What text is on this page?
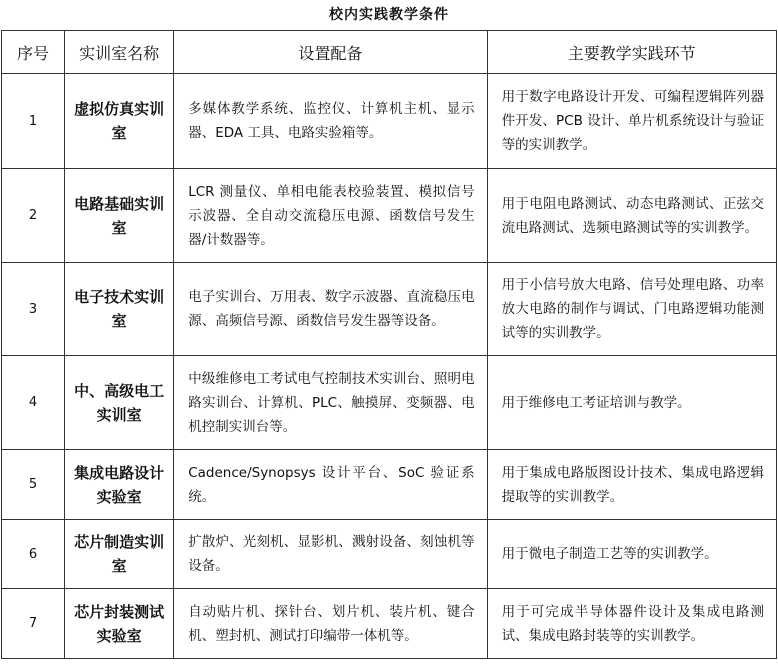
校内实践教学条件
序号	实训室名称	设置配备	主要教学实践环节
1	虚拟仿真实训室	多媒体教学系统、监控仪、计算机主机、显示器、EDA 工具、电路实验箱等。	用于数字电路设计开发、可编程逻辑阵列器件开发、PCB 设计、单片机系统设计与验证等的实训教学。
2	电路基础实训室	LCR 测量仪、单相电能表校验装置、模拟信号示波器、全自动交流稳压电源、函数信号发生器/计数器等。	用于电阻电路测试、动态电路测试、正弦交流电路测试、选频电路测试等的实训教学。
3	电子技术实训室	电子实训台、万用表、数字示波器、直流稳压电源、高频信号源、函数信号发生器等设备。	用于小信号放大电路、信号处理电路、功率放大电路的制作与调试、门电路逻辑功能测试等的实训教学。
4	中、高级电工实训室	中级维修电工考试电气控制技术实训台、照明电路实训台、计算机、PLC、触摸屏、变频器、电机控制实训台等。	用于维修电工考证培训与教学。
5	集成电路设计实验室	Cadence/Synopsys 设计平台、SoC 验证系统。	用于集成电路版图设计技术、集成电路逻辑提取等的实训教学。
6	芯片制造实训室	扩散炉、光刻机、显影机、溅射设备、刻蚀机等设备。	用于微电子制造工艺等的实训教学。
7	芯片封装测试实验室	自动贴片机、探针台、划片机、装片机、键合机、塑封机、测试打印编带一体机等。	用于可完成半导体器件设计及集成电路测试、集成电路封装等的实训教学。
